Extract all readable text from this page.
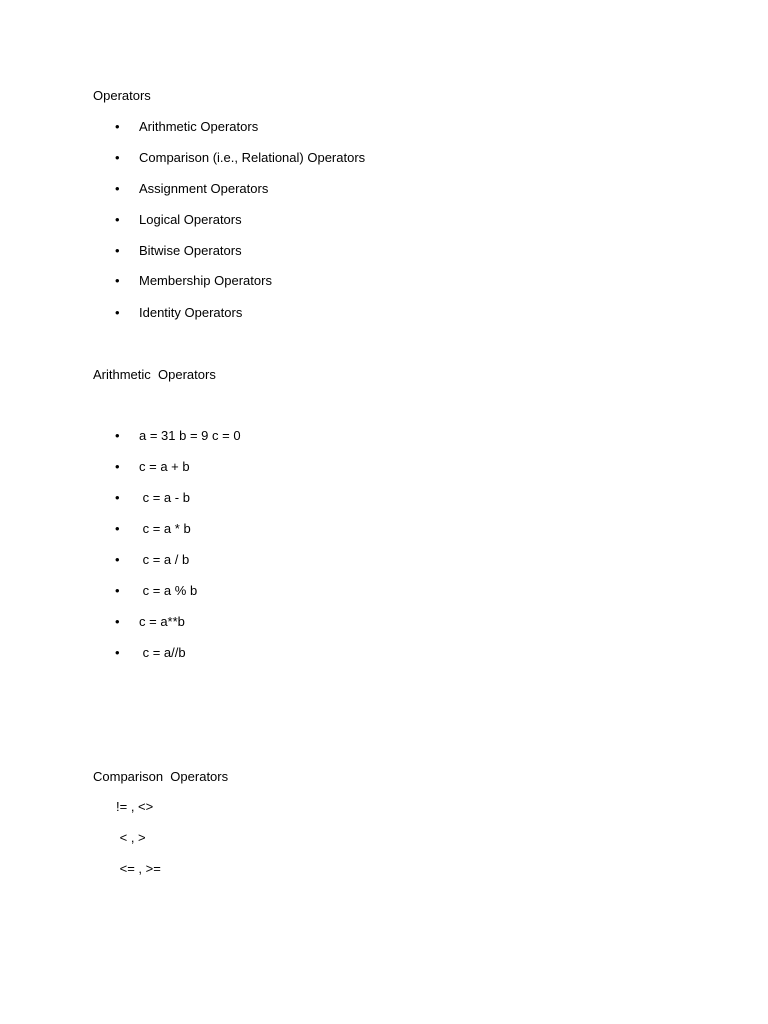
Operators
• Arithmetic Operators
• Comparison (i.e., Relational) Operators
• Assignment Operators
• Logical Operators
• Bitwise Operators
• Membership Operators
• Identity Operators
Arithmetic  Operators
• a = 31 b = 9 c = 0
• c = a + b
• c = a - b
• c = a * b
• c = a / b
• c = a % b
• c = a**b
• c = a//b
Comparison  Operators
!= , <>
< , >
<= , >=
